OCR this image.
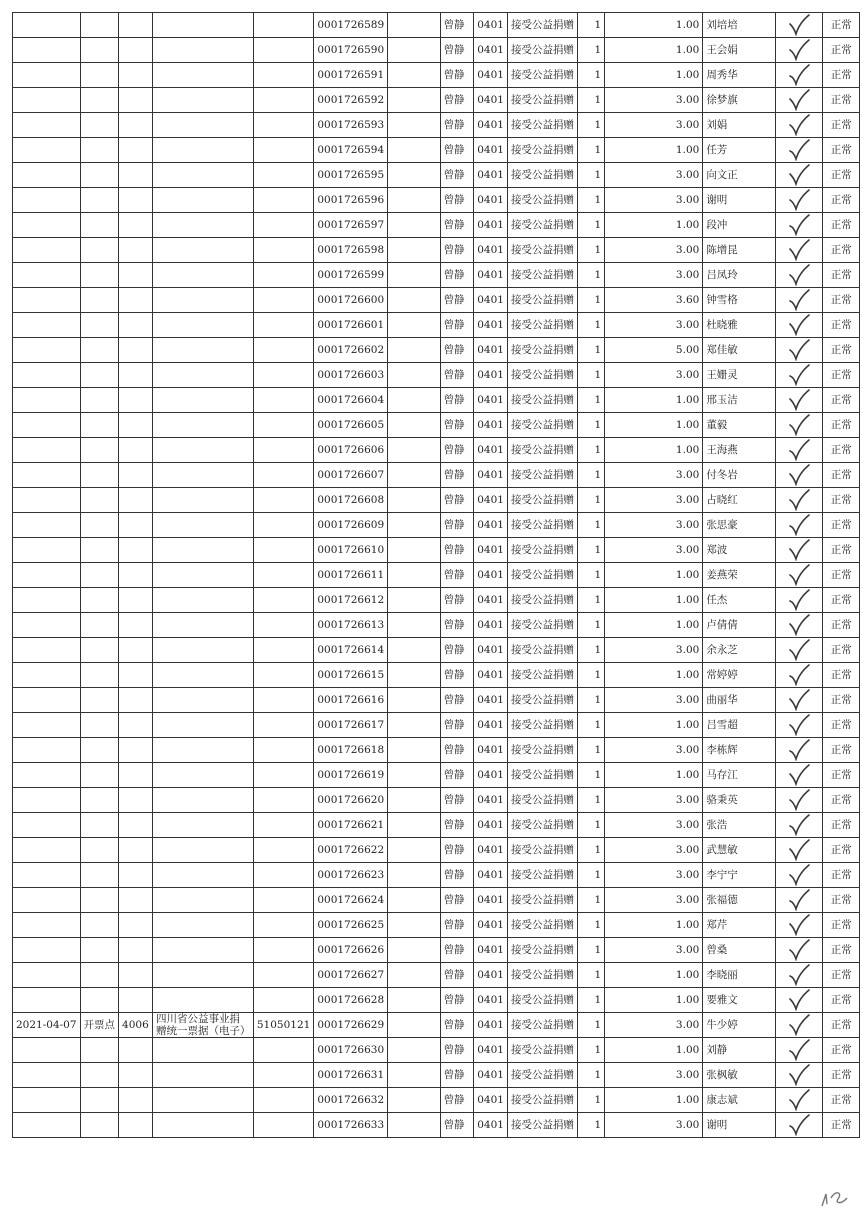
					0001726589		曾静	0401	接受公益捐赠	1	1.00	刘培培		正常
					0001726590		曾静	0401	接受公益捐赠	1	1.00	王会娟		正常
					0001726591		曾静	0401	接受公益捐赠	1	1.00	周秀华		正常
					0001726592		曾静	0401	接受公益捐赠	1	3.00	徐梦旗		正常
					0001726593		曾静	0401	接受公益捐赠	1	3.00	刘娟		正常
					0001726594		曾静	0401	接受公益捐赠	1	1.00	任芳		正常
					0001726595		曾静	0401	接受公益捐赠	1	3.00	向文正		正常
					0001726596		曾静	0401	接受公益捐赠	1	3.00	谢明		正常
					0001726597		曾静	0401	接受公益捐赠	1	1.00	段冲		正常
					0001726598		曾静	0401	接受公益捐赠	1	3.00	陈增昆		正常
					0001726599		曾静	0401	接受公益捐赠	1	3.00	吕凤玲		正常
					0001726600		曾静	0401	接受公益捐赠	1	3.60	钟雪格		正常
					0001726601		曾静	0401	接受公益捐赠	1	3.00	杜晓雅		正常
					0001726602		曾静	0401	接受公益捐赠	1	5.00	郑佳敏		正常
					0001726603		曾静	0401	接受公益捐赠	1	3.00	王姗灵		正常
					0001726604		曾静	0401	接受公益捐赠	1	1.00	邢玉洁		正常
					0001726605		曾静	0401	接受公益捐赠	1	1.00	董毅		正常
					0001726606		曾静	0401	接受公益捐赠	1	1.00	王海燕		正常
					0001726607		曾静	0401	接受公益捐赠	1	3.00	付冬岩		正常
					0001726608		曾静	0401	接受公益捐赠	1	3.00	占晓红		正常
					0001726609		曾静	0401	接受公益捐赠	1	3.00	张思豪		正常
					0001726610		曾静	0401	接受公益捐赠	1	3.00	郑波		正常
					0001726611		曾静	0401	接受公益捐赠	1	1.00	姜燕荣		正常
					0001726612		曾静	0401	接受公益捐赠	1	1.00	任杰		正常
					0001726613		曾静	0401	接受公益捐赠	1	1.00	卢倩倩		正常
					0001726614		曾静	0401	接受公益捐赠	1	3.00	余永芝		正常
					0001726615		曾静	0401	接受公益捐赠	1	1.00	常婷婷		正常
					0001726616		曾静	0401	接受公益捐赠	1	3.00	曲丽华		正常
					0001726617		曾静	0401	接受公益捐赠	1	1.00	吕雪超		正常
					0001726618		曾静	0401	接受公益捐赠	1	3.00	李栋辉		正常
					0001726619		曾静	0401	接受公益捐赠	1	1.00	马存江		正常
					0001726620		曾静	0401	接受公益捐赠	1	3.00	骆秉英		正常
					0001726621		曾静	0401	接受公益捐赠	1	3.00	张浩		正常
					0001726622		曾静	0401	接受公益捐赠	1	3.00	武慧敏		正常
					0001726623		曾静	0401	接受公益捐赠	1	3.00	李宁宁		正常
					0001726624		曾静	0401	接受公益捐赠	1	3.00	张福德		正常
					0001726625		曾静	0401	接受公益捐赠	1	1.00	郑芹		正常
					0001726626		曾静	0401	接受公益捐赠	1	3.00	曾桑		正常
					0001726627		曾静	0401	接受公益捐赠	1	1.00	李晓丽		正常
					0001726628		曾静	0401	接受公益捐赠	1	1.00	要雅文		正常
2021-04-07	开票点	4006	四川省公益事业捐赠统一票据（电子）	51050121	0001726629		曾静	0401	接受公益捐赠	1	3.00	牛少婷		正常
					0001726630		曾静	0401	接受公益捐赠	1	1.00	刘静		正常
					0001726631		曾静	0401	接受公益捐赠	1	3.00	张枫敏		正常
					0001726632		曾静	0401	接受公益捐赠	1	1.00	康志斌		正常
					0001726633		曾静	0401	接受公益捐赠	1	3.00	谢明		正常
